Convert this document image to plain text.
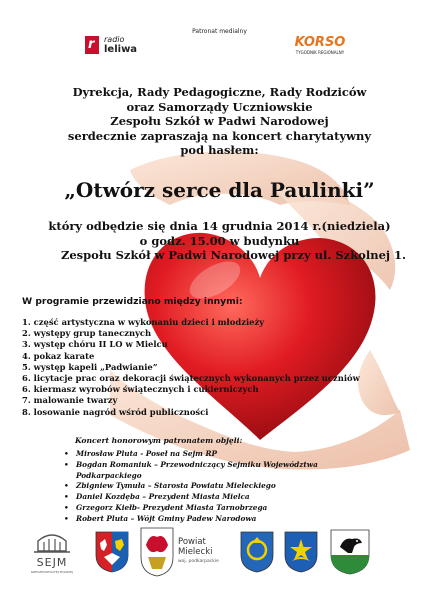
Patronat medialny
r radio
leliwa	KORSO
TYGODNIK REGIONALNY
Dyrekcja, Rady Pedagogiczne, Rady Rodziców
oraz Samorządy Uczniowskie
Zespołu Szkół w Padwi Narodowej
serdecznie zapraszają na koncert charytatywny
pod hasłem:
„Otwórz serce dla Paulinki”
który odbędzie się dnia 14 grudnia 2014 r.(niedziela)
o godz. 15.00 w budynku
Zespołu Szkół w Padwi Narodowej przy ul. Szkolnej 1.
W programie przewidziano między innymi:
1. część artystyczna w wykonaniu dzieci i młodzieży
2. występy grup tanecznych
3. występ chóru II LO w Mielcu
4. pokaz karate
5. występ kapeli „Padwianie”
6. licytacje prac oraz dekoracji świątecznych wykonanych przez uczniów
6. kiermasz wyrobów świątecznych i cukierniczych
7. malowanie twarzy
8. losowanie nagród wśród publiczności
Koncert honorowym patronatem objęli:
• Mirosław Pluta - Poseł na Sejm RP
• Bogdan Romaniuk – Przewodniczący Sejmiku Województwa
Podkarpackiego
• Zbigniew Tymuła – Starosta Powiatu Mieleckiego
• Daniel Kozdęba – Prezydent Miasta Mielca
• Grzegorz Kiełb- Prezydent Miasta Tarnobrzega
• Robert Pluta – Wójt Gminy Padew Narodowa
SEJM
RZECZPOSPOLITEJ POLSKIEJ
Powiat
Mielecki
woj. podkarpackie
